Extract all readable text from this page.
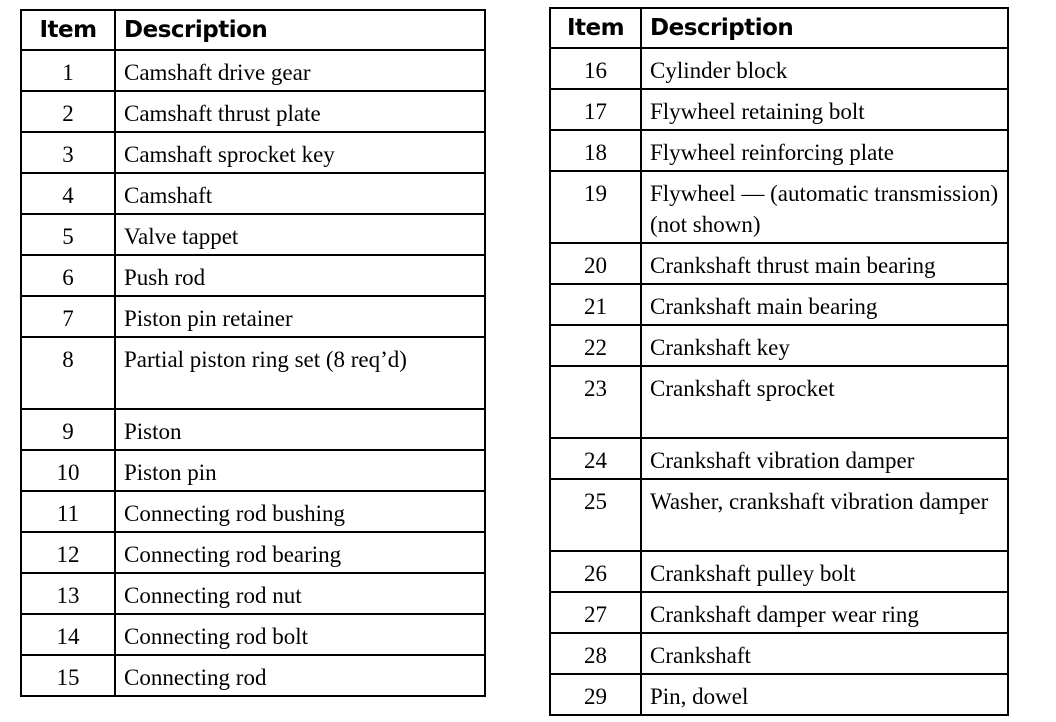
Item	Description
1	Camshaft drive gear
2	Camshaft thrust plate
3	Camshaft sprocket key
4	Camshaft
5	Valve tappet
6	Push rod
7	Piston pin retainer
8	Partial piston ring set (8 req’d)
9	Piston
10	Piston pin
11	Connecting rod bushing
12	Connecting rod bearing
13	Connecting rod nut
14	Connecting rod bolt
15	Connecting rod
Item	Description
16	Cylinder block
17	Flywheel retaining bolt
18	Flywheel reinforcing plate
19	Flywheel — (automatic transmission) (not shown)
20	Crankshaft thrust main bearing
21	Crankshaft main bearing
22	Crankshaft key
23	Crankshaft sprocket
24	Crankshaft vibration damper
25	Washer, crankshaft vibration damper
26	Crankshaft pulley bolt
27	Crankshaft damper wear ring
28	Crankshaft
29	Pin, dowel
